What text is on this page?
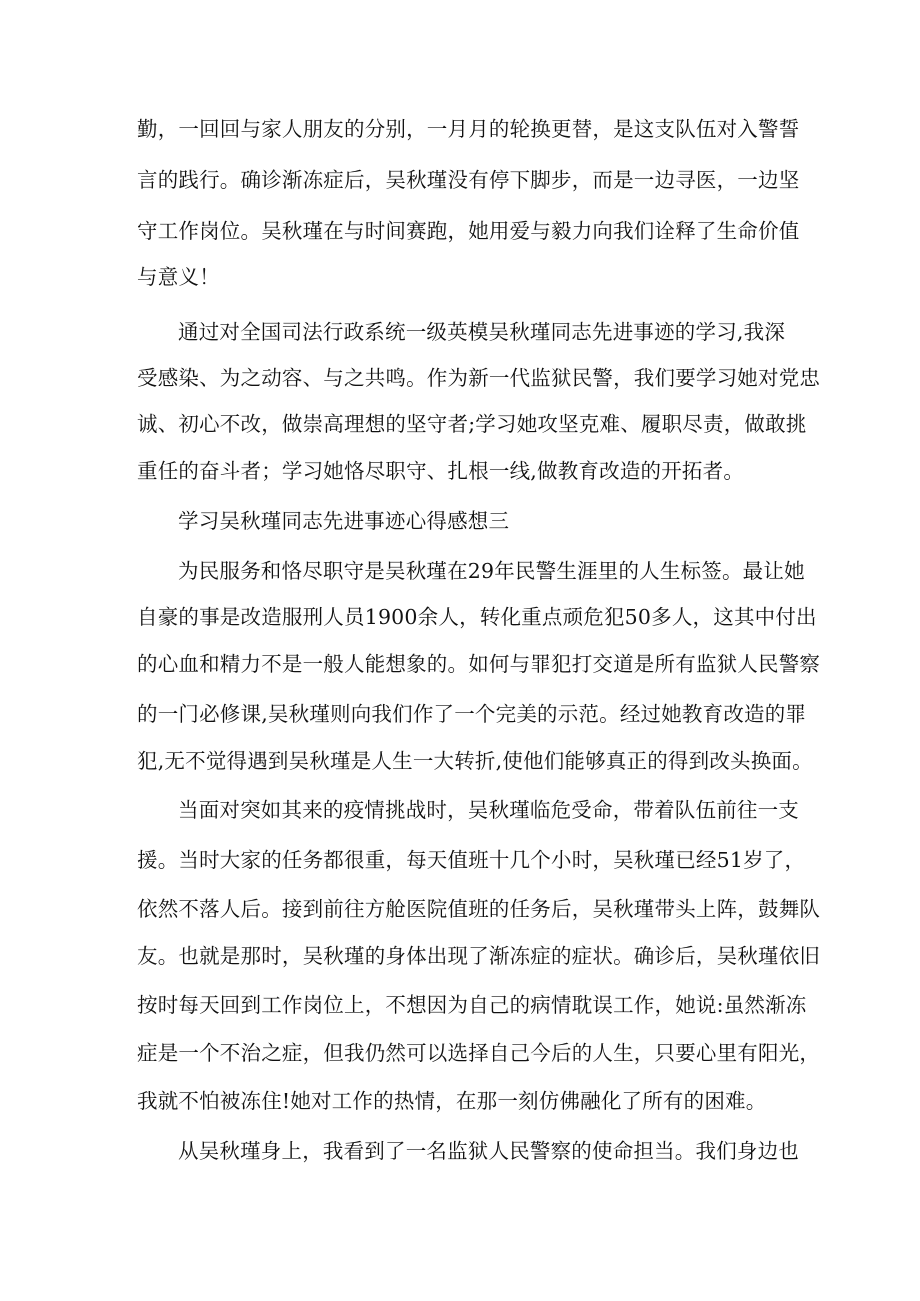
勤，一回回与家人朋友的分别，一月月的轮换更替，是这支队伍对入警誓
言的践行。确诊渐冻症后，吴秋瑾没有停下脚步，而是一边寻医，一边坚
守工作岗位。吴秋瑾在与时间赛跑，她用爱与毅力向我们诠释了生命价值
与意义！
通过对全国司法行政系统一级英模吴秋瑾同志先进事迹的学习,我深
受感染、为之动容、与之共鸣。作为新一代监狱民警，我们要学习她对党忠
诚、初心不改，做崇高理想的坚守者;学习她攻坚克难、履职尽责，做敢挑
重任的奋斗者；学习她恪尽职守、扎根一线,做教育改造的开拓者。
学习吴秋瑾同志先进事迹心得感想三
为民服务和恪尽职守是吴秋瑾在29年民警生涯里的人生标签。最让她
自豪的事是改造服刑人员1900余人，转化重点顽危犯50多人，这其中付出
的心血和精力不是一般人能想象的。如何与罪犯打交道是所有监狱人民警察
的一门必修课,吴秋瑾则向我们作了一个完美的示范。经过她教育改造的罪
犯,无不觉得遇到吴秋瑾是人生一大转折,使他们能够真正的得到改头换面。
当面对突如其来的疫情挑战时，吴秋瑾临危受命，带着队伍前往一支
援。当时大家的任务都很重，每天值班十几个小时，吴秋瑾已经51岁了，
依然不落人后。接到前往方舱医院值班的任务后，吴秋瑾带头上阵，鼓舞队
友。也就是那时，吴秋瑾的身体出现了渐冻症的症状。确诊后，吴秋瑾依旧
按时每天回到工作岗位上，不想因为自己的病情耽误工作，她说:虽然渐冻
症是一个不治之症，但我仍然可以选择自己今后的人生，只要心里有阳光，
我就不怕被冻住!她对工作的热情，在那一刻仿佛融化了所有的困难。
从吴秋瑾身上，我看到了一名监狱人民警察的使命担当。我们身边也
